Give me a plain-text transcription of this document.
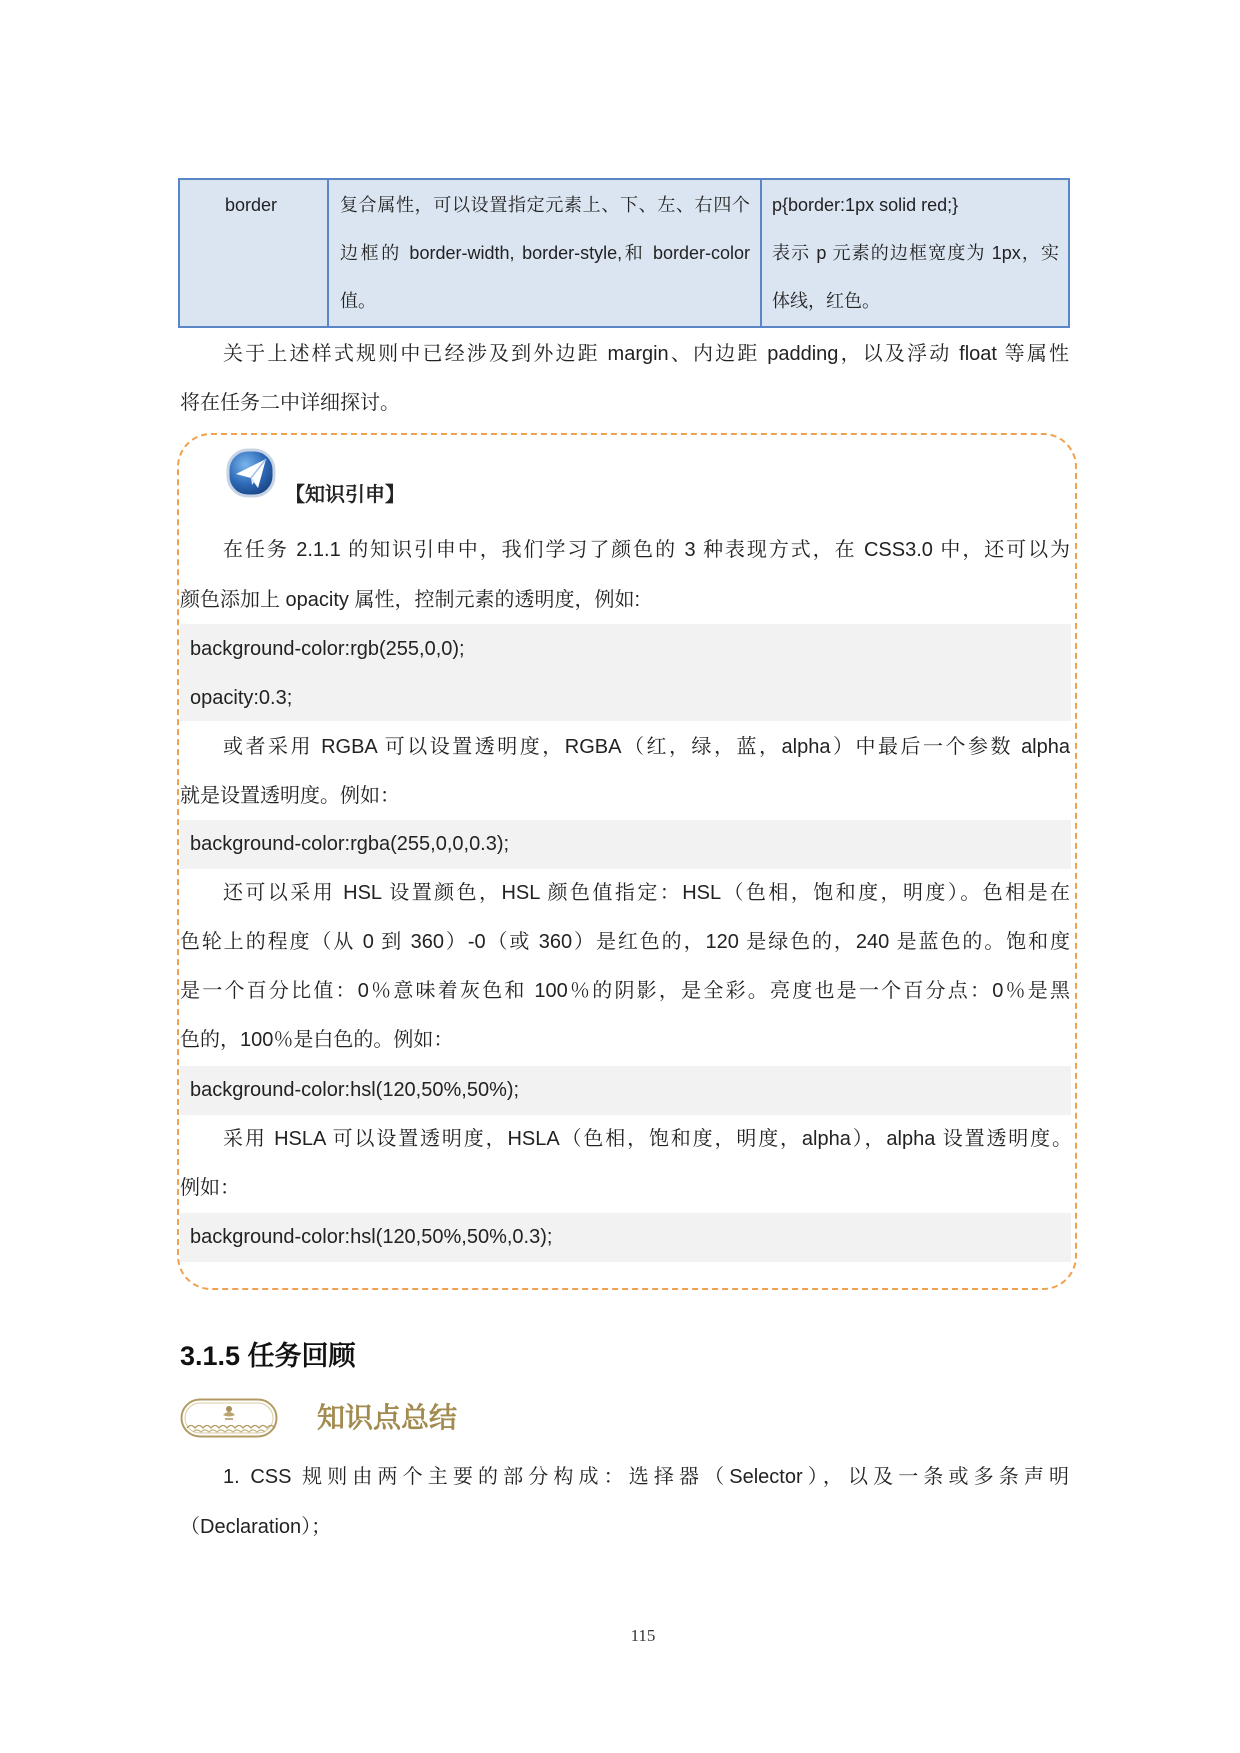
border	复合属性，可以设置指定元素上、下、左、右四个
边框的 border-width, border-style,和 border-color
值。
p{border:1px solid red;}
表示 p 元素的边框宽度为 1px，实
体线，红色。
关于上述样式规则中已经涉及到外边距 margin、内边距 padding，以及浮动 float 等属性
将在任务二中详细探讨。
【知识引申】
在任务 2.1.1 的知识引申中，我们学习了颜色的 3 种表现方式，在 CSS3.0 中，还可以为
颜色添加上 opacity 属性，控制元素的透明度，例如:
background-color:rgb(255,0,0);
opacity:0.3;
或者采用 RGBA 可以设置透明度，RGBA（红，绿，蓝，alpha）中最后一个参数 alpha
就是设置透明度。例如：
background-color:rgba(255,0,0,0.3);
还可以采用 HSL 设置颜色，HSL 颜色值指定：HSL（色相，饱和度，明度）。色相是在
色轮上的程度（从 0 到 360）-0（或 360）是红色的，120 是绿色的，240 是蓝色的。饱和度
是一个百分比值：0％意味着灰色和 100％的阴影，是全彩。亮度也是一个百分点：0％是黑
色的，100％是白色的。例如：
background-color:hsl(120,50%,50%);
采用 HSLA 可以设置透明度，HSLA（色相，饱和度，明度，alpha），alpha 设置透明度。
例如：
background-color:hsl(120,50%,50%,0.3);
3.1.5 任务回顾
知识点总结
1. CSS 规则由两个主要的部分构成：选择器（Selector），以及一条或多条声明
（Declaration）；
115
